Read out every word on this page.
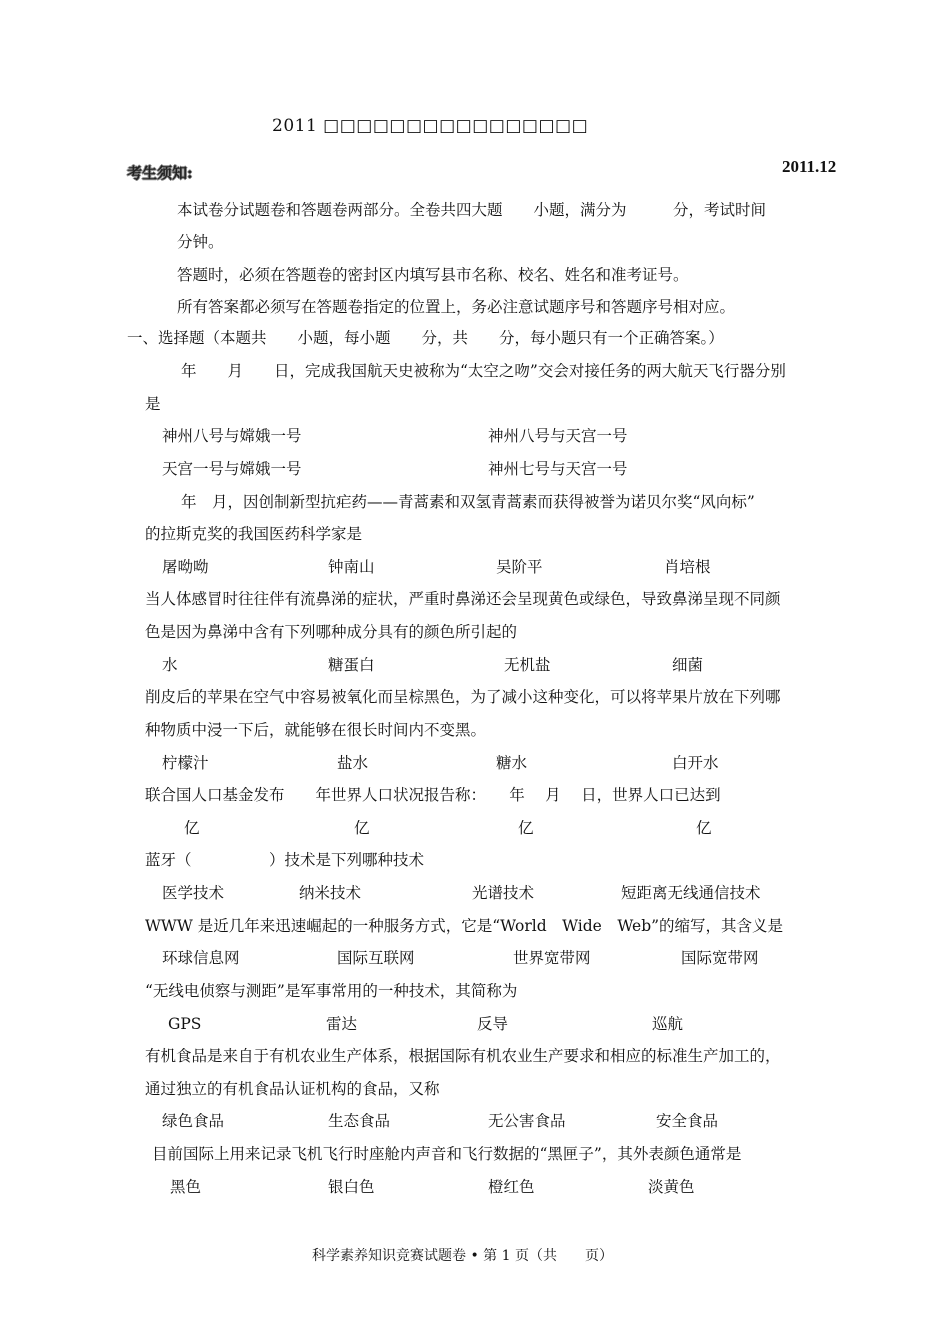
2011 □□□□□□□□□□□□□□□□
2011.12
考生须知:
本试卷分试题卷和答题卷两部分。全卷共四大题　　小题，满分为　　　分，考试时间
分钟。
答题时，必须在答题卷的密封区内填写县市名称、校名、姓名和准考证号。
所有答案都必须写在答题卷指定的位置上，务必注意试题序号和答题序号相对应。
一、选择题（本题共　　小题，每小题　　分，共　　分，每小题只有一个正确答案。）
年　　月　　日，完成我国航天史被称为“太空之吻”交会对接任务的两大航天飞行器分别
是
神州八号与嫦娥一号	神州八号与天宫一号
天宫一号与嫦娥一号	神州七号与天宫一号
年　月，因创制新型抗疟药——青蒿素和双氢青蒿素而获得被誉为诺贝尔奖“风向标”
的拉斯克奖的我国医药科学家是
屠呦呦	钟南山	吴阶平	肖培根
当人体感冒时往往伴有流鼻涕的症状，严重时鼻涕还会呈现黄色或绿色，导致鼻涕呈现不同颜
色是因为鼻涕中含有下列哪种成分具有的颜色所引起的
水	糖蛋白	无机盐	细菌
削皮后的苹果在空气中容易被氧化而呈棕黑色，为了减小这种变化，可以将苹果片放在下列哪
种物质中浸一下后，就能够在很长时间内不变黑。
柠檬汁	盐水	糖水	白开水
联合国人口基金发布　　年世界人口状况报告称：　　年　 月　 日，世界人口已达到
亿	亿	亿	亿
蓝牙（　　　　　）技术是下列哪种技术
医学技术	纳米技术	光谱技术	短距离无线通信技术
WWW 是近几年来迅速崛起的一种服务方式，它是“World　Wide　Web”的缩写，其含义是
环球信息网	国际互联网	世界宽带网	国际宽带网
“无线电侦察与测距”是军事常用的一种技术，其简称为
GPS	雷达	反导	巡航
有机食品是来自于有机农业生产体系，根据国际有机农业生产要求和相应的标准生产加工的，
通过独立的有机食品认证机构的食品，又称
绿色食品	生态食品	无公害食品	安全食品
目前国际上用来记录飞机飞行时座舱内声音和飞行数据的“黑匣子”，其外表颜色通常是
黑色	银白色	橙红色	淡黄色
科学素养知识竞赛试题卷 • 第 1 页（共　　页）
